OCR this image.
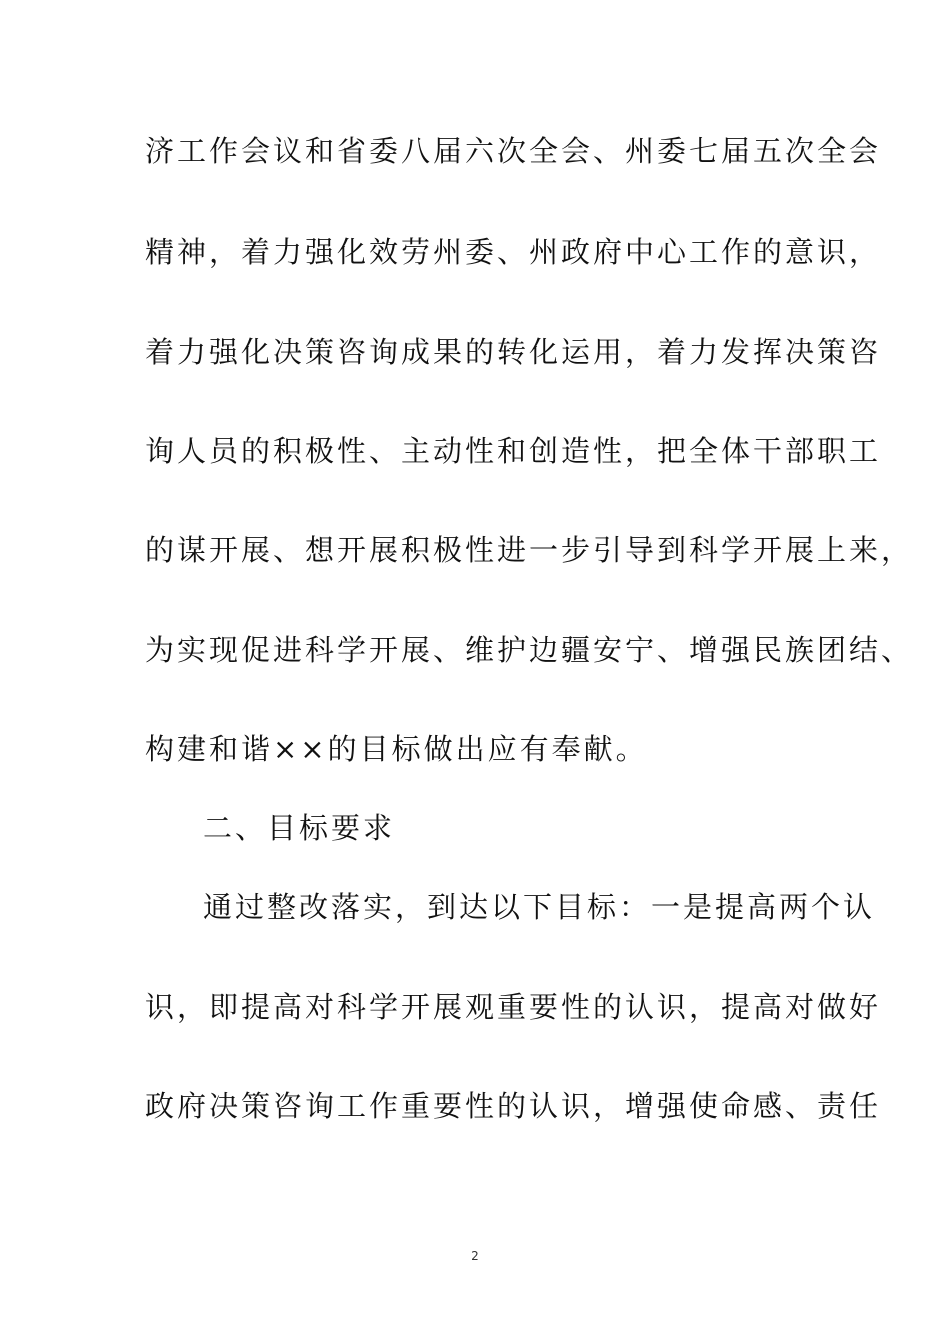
济工作会议和省委八届六次全会、州委七届五次全会
精神，着力强化效劳州委、州政府中心工作的意识，
着力强化决策咨询成果的转化运用，着力发挥决策咨
询人员的积极性、主动性和创造性，把全体干部职工
的谋开展、想开展积极性进一步引导到科学开展上来，
为实现促进科学开展、维护边疆安宁、增强民族团结、
构建和谐××的目标做出应有奉献。
二、目标要求
通过整改落实，到达以下目标：一是提高两个认
识，即提高对科学开展观重要性的认识，提高对做好
政府决策咨询工作重要性的认识，增强使命感、责任
2
